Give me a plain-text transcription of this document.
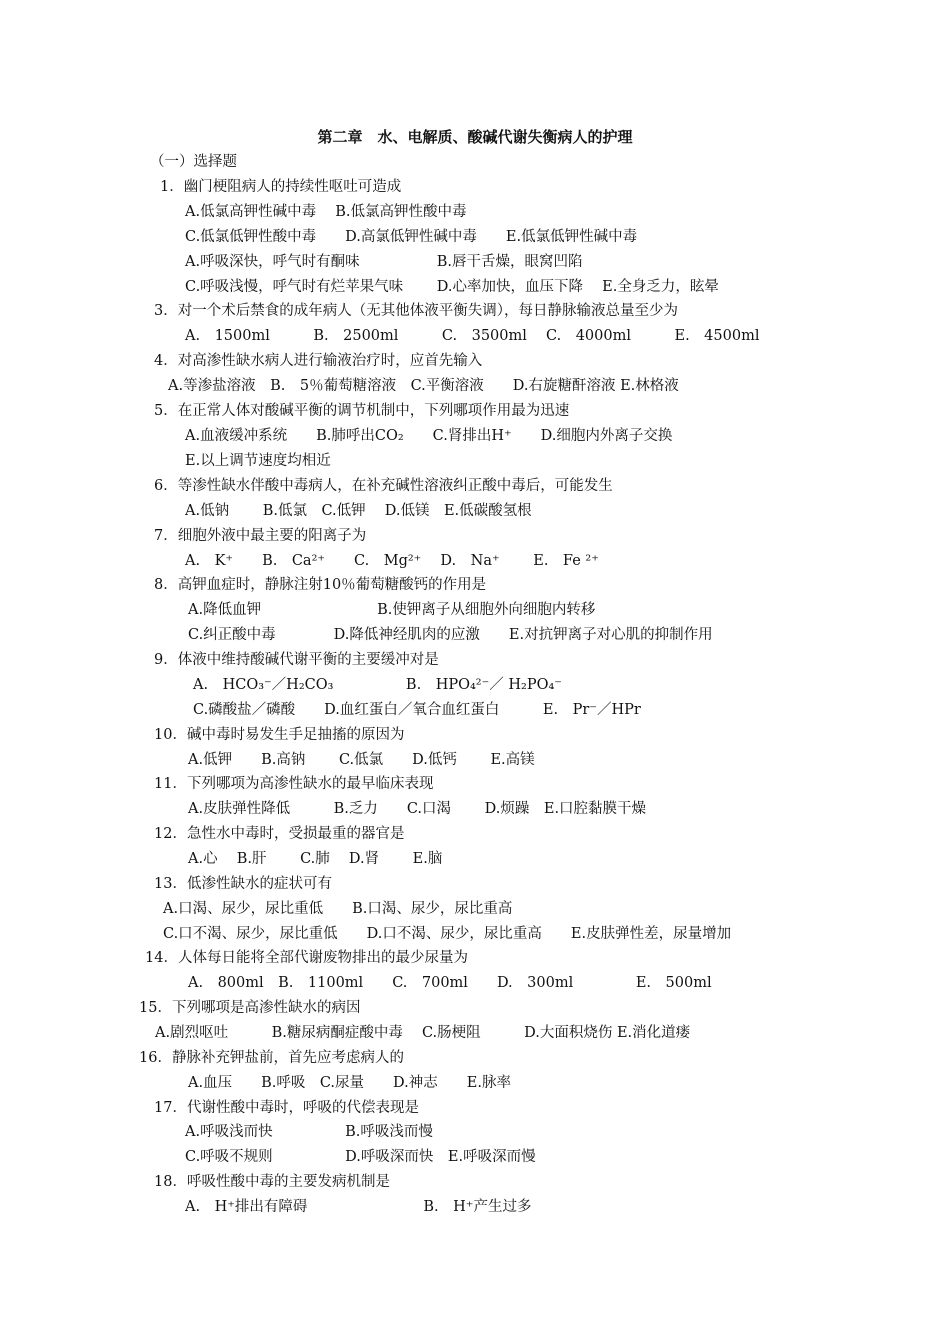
第二章　水、电解质、酸碱代谢失衡病人的护理
（一）选择题
1．幽门梗阻病人的持续性呕吐可造成
A.低氯高钾性碱中毒　 B.低氯高钾性酸中毒
C.低氯低钾性酸中毒　　D.高氯低钾性碱中毒　　E.低氯低钾性碱中毒
A.呼吸深快，呼气时有酮味　　　　　 B.唇干舌燥，眼窝凹陷
C.呼吸浅慢，呼气时有烂苹果气味　　 D.心率加快，血压下降　 E.全身乏力，眩晕
3．对一个术后禁食的成年病人（无其他体液平衡失调），每日静脉输液总量至少为
A.　1500ml　　　B.　2500ml　　　C.　3500ml　 C.　4000ml　　　E.　4500ml
4．对高渗性缺水病人进行输液治疗时，应首先输入
A.等渗盐溶液　B.　5％葡萄糖溶液　C.平衡溶液　　D.右旋糖酐溶液 E.林格液
5．在正常人体对酸碱平衡的调节机制中，下列哪项作用最为迅速
A.血液缓冲系统　　B.肺呼出CO₂　　C.肾排出H⁺　　D.细胞内外离子交换
E.以上调节速度均相近
6．等渗性缺水伴酸中毒病人，在补充碱性溶液纠正酸中毒后，可能发生
A.低钠　　 B.低氯　C.低钾　 D.低镁　E.低碳酸氢根
7．细胞外液中最主要的阳离子为
A.　K⁺　　B.　Ca²⁺　　C.　Mg²⁺　 D.　Na⁺　　 E.　Fe ²⁺
8．高钾血症时，静脉注射10％葡萄糖酸钙的作用是
A.降低血钾　　　　　　　　B.使钾离子从细胞外向细胞内转移
C.纠正酸中毒　　　　D.降低神经肌肉的应激　　E.对抗钾离子对心肌的抑制作用
9．体液中维持酸碱代谢平衡的主要缓冲对是
A.　HCO₃⁻／H₂CO₃　　　　　B.　HPO₄²⁻／ H₂PO₄⁻
C.磷酸盐／磷酸　　D.血红蛋白／氧合血红蛋白　　　E.　Pr⁻／HPr
10．碱中毒时易发生手足抽搐的原因为
A.低钾　　B.高钠　　 C.低氯　　D.低钙　　 E.高镁
11．下列哪项为高渗性缺水的最早临床表现
A.皮肤弹性降低　　　B.乏力　　C.口渴　　 D.烦躁　E.口腔黏膜干燥
12．急性水中毒时，受损最重的器官是
A.心　 B.肝　　 C.肺　 D.肾　　 E.脑
13．低渗性缺水的症状可有
A.口渴、尿少，尿比重低　　B.口渴、尿少，尿比重高
C.口不渴、尿少，尿比重低　　D.口不渴、尿少，尿比重高　　E.皮肤弹性差，尿量增加
14．人体每日能将全部代谢废物排出的最少尿量为
A.　800ml　B.　1100ml　　C.　700ml　　D.　300ml　　　　 E.　500ml
15．下列哪项是高渗性缺水的病因
A.剧烈呕吐　　　B.糖尿病酮症酸中毒　 C.肠梗阻　　　D.大面积烧伤 E.消化道瘘
16．静脉补充钾盐前，首先应考虑病人的
A.血压　　B.呼吸　C.尿量　　D.神志　　E.脉率
17．代谢性酸中毒时，呼吸的代偿表现是
A.呼吸浅而快　　　　　B.呼吸浅而慢
C.呼吸不规则　　　　　D.呼吸深而快　E.呼吸深而慢
18．呼吸性酸中毒的主要发病机制是
A.　H⁺排出有障碍　　　　　　　　B.　H⁺产生过多
